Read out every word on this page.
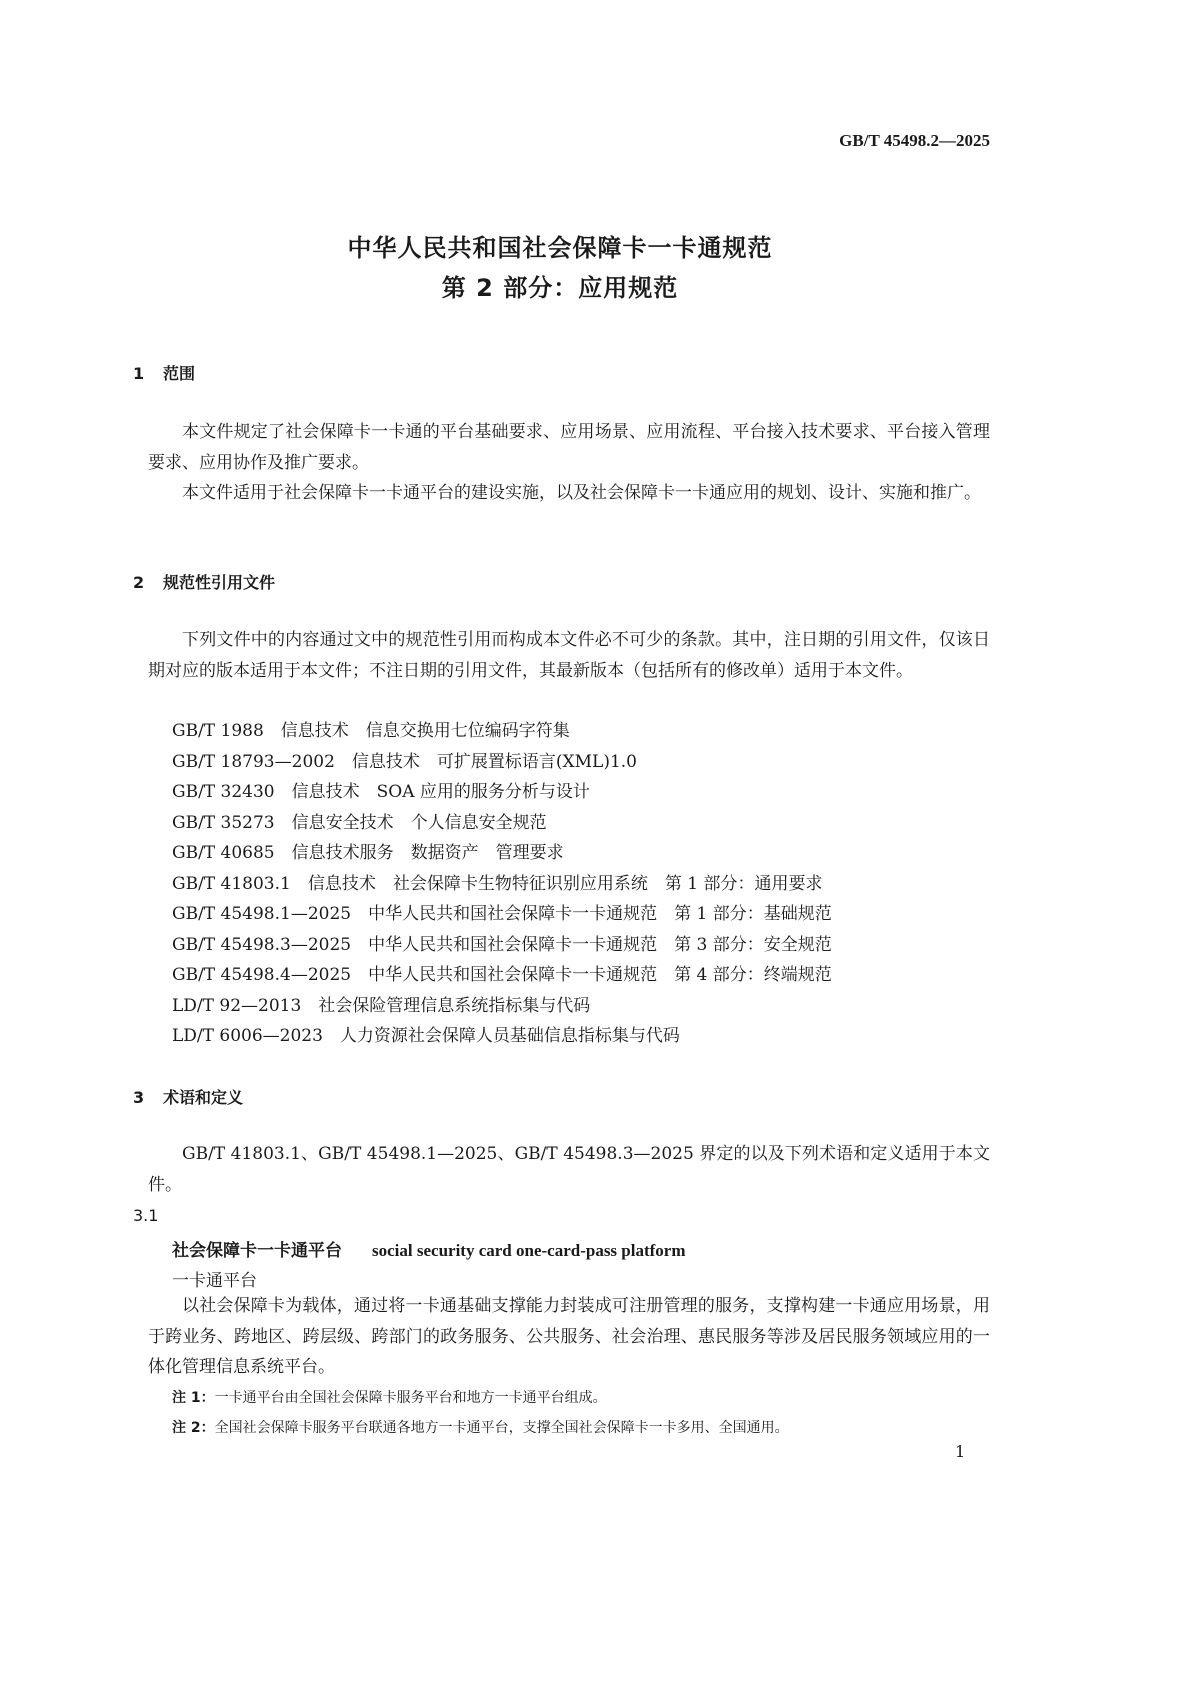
GB/T 45498.2—2025
中华人民共和国社会保障卡一卡通规范
第 2 部分：应用规范
1 范围
本文件规定了社会保障卡一卡通的平台基础要求、应用场景、应用流程、平台接入技术要求、平台接入管理要求、应用协作及推广要求。
本文件适用于社会保障卡一卡通平台的建设实施，以及社会保障卡一卡通应用的规划、设计、实施和推广。
2 规范性引用文件
下列文件中的内容通过文中的规范性引用而构成本文件必不可少的条款。其中，注日期的引用文件，仅该日期对应的版本适用于本文件；不注日期的引用文件，其最新版本（包括所有的修改单）适用于本文件。
GB/T 1988　信息技术　信息交换用七位编码字符集
GB/T 18793—2002　信息技术　可扩展置标语言(XML)1.0
GB/T 32430　信息技术　SOA 应用的服务分析与设计
GB/T 35273　信息安全技术　个人信息安全规范
GB/T 40685　信息技术服务　数据资产　管理要求
GB/T 41803.1　信息技术　社会保障卡生物特征识别应用系统　第 1 部分：通用要求
GB/T 45498.1—2025　中华人民共和国社会保障卡一卡通规范　第 1 部分：基础规范
GB/T 45498.3—2025　中华人民共和国社会保障卡一卡通规范　第 3 部分：安全规范
GB/T 45498.4—2025　中华人民共和国社会保障卡一卡通规范　第 4 部分：终端规范
LD/T 92—2013　社会保险管理信息系统指标集与代码
LD/T 6006—2023　人力资源社会保障人员基础信息指标集与代码
3 术语和定义
GB/T 41803.1、GB/T 45498.1—2025、GB/T 45498.3—2025 界定的以及下列术语和定义适用于本文件。
3.1
社会保障卡一卡通平台 social security card one-card-pass platform
一卡通平台
以社会保障卡为载体，通过将一卡通基础支撑能力封装成可注册管理的服务，支撑构建一卡通应用场景，用于跨业务、跨地区、跨层级、跨部门的政务服务、公共服务、社会治理、惠民服务等涉及居民服务领域应用的一体化管理信息系统平台。
注 1：一卡通平台由全国社会保障卡服务平台和地方一卡通平台组成。
注 2：全国社会保障卡服务平台联通各地方一卡通平台，支撑全国社会保障卡一卡多用、全国通用。
1
